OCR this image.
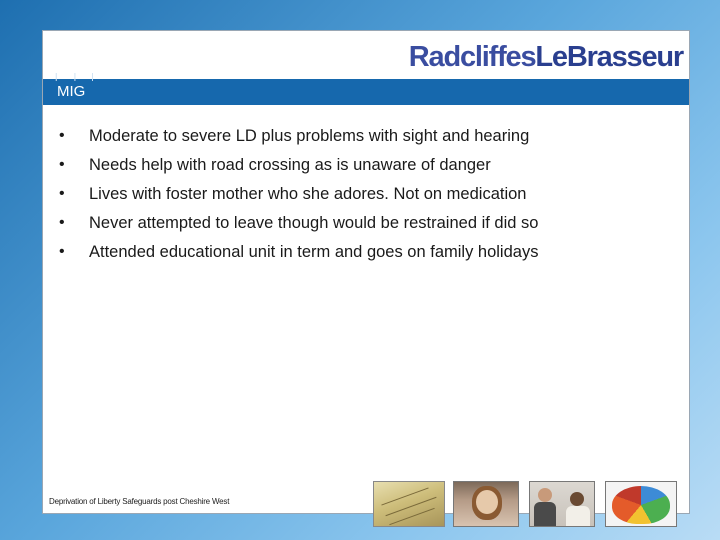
RadcliffesLeBrasseur
[ ] [
MIG
• Moderate to severe LD plus problems with sight and hearing
• Needs help with road crossing as is unaware of danger
• Lives with foster mother who she adores. Not on medication
• Never attempted to leave though would be restrained if did so
• Attended educational unit in term and goes on family holidays
Deprivation of Liberty Safeguards post Cheshire West
